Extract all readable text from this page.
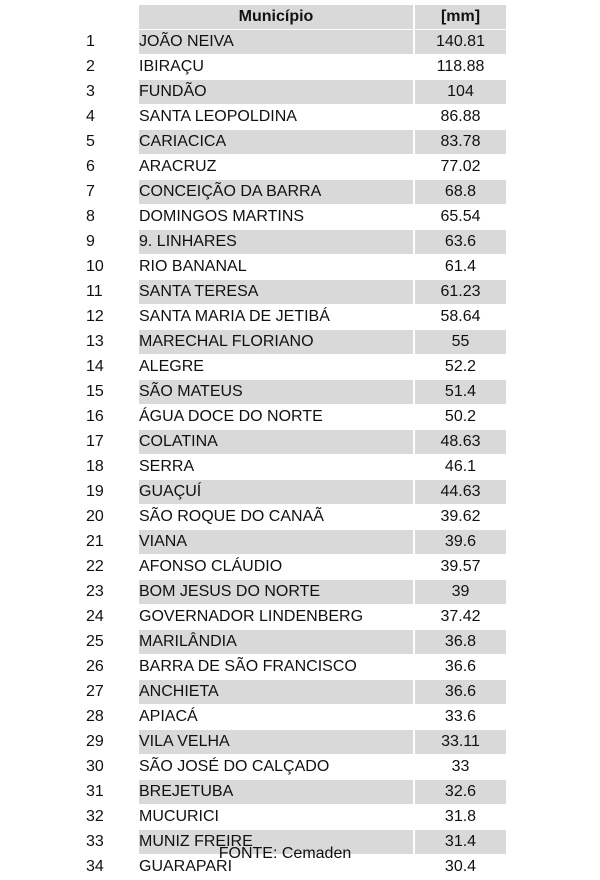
	Município	[mm]
1	JOÃO NEIVA	140.81
2	IBIRAÇU	118.88
3	FUNDÃO	104
4	SANTA LEOPOLDINA	86.88
5	CARIACICA	83.78
6	ARACRUZ	77.02
7	CONCEIÇÃO DA BARRA	68.8
8	DOMINGOS MARTINS	65.54
9	9. LINHARES	63.6
10	RIO BANANAL	61.4
11	SANTA TERESA	61.23
12	SANTA MARIA DE JETIBÁ	58.64
13	MARECHAL FLORIANO	55
14	ALEGRE	52.2
15	SÃO MATEUS	51.4
16	ÁGUA DOCE DO NORTE	50.2
17	COLATINA	48.63
18	SERRA	46.1
19	GUAÇUÍ	44.63
20	SÃO ROQUE DO CANAÃ	39.62
21	VIANA	39.6
22	AFONSO CLÁUDIO	39.57
23	BOM JESUS DO NORTE	39
24	GOVERNADOR LINDENBERG	37.42
25	MARILÂNDIA	36.8
26	BARRA DE SÃO FRANCISCO	36.6
27	ANCHIETA	36.6
28	APIACÁ	33.6
29	VILA VELHA	33.11
30	SÃO JOSÉ DO CALÇADO	33
31	BREJETUBA	32.6
32	MUCURICI	31.8
33	MUNIZ FREIRE	31.4
34	GUARAPARI	30.4
FONTE: Cemaden
